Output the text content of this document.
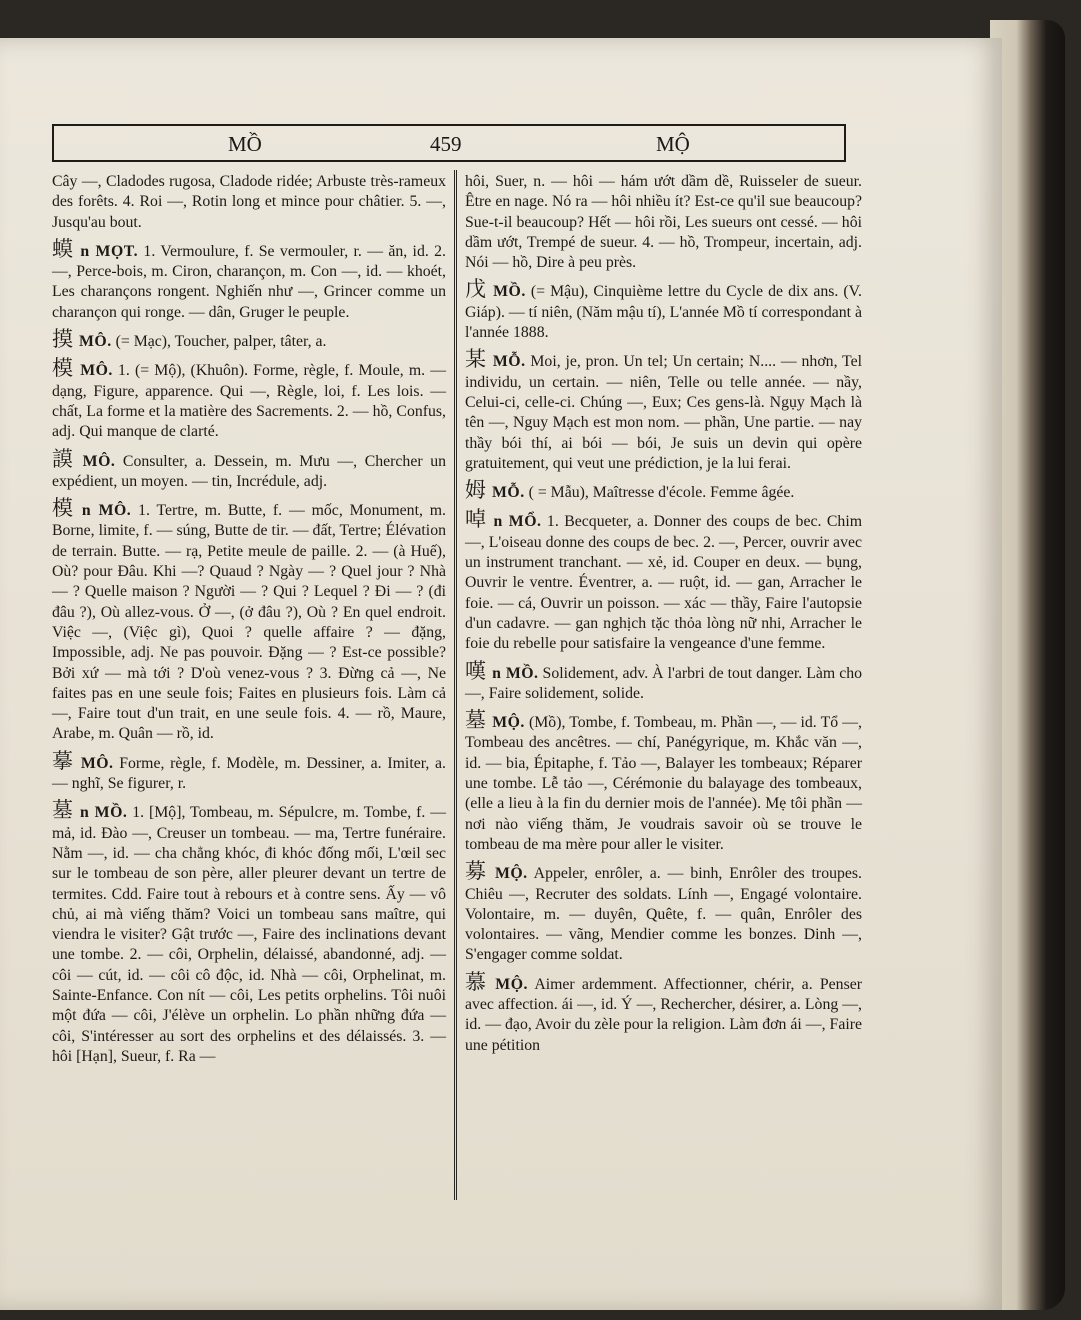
MỒ	459	MỘ

Cây —, Cladodes rugosa, Cladode ridée; Arbuste très-rameux des forêts. 4. Roi —, Rotin long et mince pour châtier. 5. —, Jusqu'au bout.

蟆 n MỌT. 1. Vermoulure, f. Se vermouler, r. — ăn, id. 2. —, Perce-bois, m. Ciron, charançon, m. Con —, id. — khoét, Les charançons rongent. Nghiến như —, Grincer comme un charançon qui ronge. — dân, Gruger le peuple.

摸 MÔ. (= Mạc), Toucher, palper, tâter, a.

模 MÔ. 1. (= Mộ), (Khuôn). Forme, règle, f. Moule, m. — dạng, Figure, apparence. Qui —, Règle, loi, f. Les lois. — chất, La forme et la matière des Sacrements. 2. — hồ, Confus, adj. Qui manque de clarté.

謨 MÔ. Consulter, a. Dessein, m. Mưu —, Chercher un expédient, un moyen. — tin, Incrédule, adj.

模 n MÔ. 1. Tertre, m. Butte, f. — mốc, Monument, m. Borne, limite, f. — súng, Butte de tir. — đất, Tertre; Élévation de terrain. Butte. — rạ, Petite meule de paille. 2. — (à Huế), Où? pour Đâu. Khi —? Quaud ? Ngày — ? Quel jour ? Nhà — ? Quelle maison ? Người — ? Qui ? Lequel ? Đi — ? (đi đâu ?), Où allez-vous. Ở —, (ở đâu ?), Où ? En quel endroit. Việc —, (Việc gì), Quoi ? quelle affaire ? — đặng, Impossible, adj. Ne pas pouvoir. Đặng — ? Est-ce possible? Bởi xứ — mà tới ? D'où venez-vous ? 3. Đừng cả —, Ne faites pas en une seule fois; Faites en plusieurs fois. Làm cả —, Faire tout d'un trait, en une seule fois. 4. — rồ, Maure, Arabe, m. Quân — rồ, id.

摹 MÔ. Forme, règle, f. Modèle, m. Dessiner, a. Imiter, a. — nghĩ, Se figurer, r.

墓 n MỒ. 1. [Mộ], Tombeau, m. Sépulcre, m. Tombe, f. — mả, id. Đào —, Creuser un tombeau. — ma, Tertre funéraire. Nằm —, id. — cha chẳng khóc, đi khóc đống mối, L'œil sec sur le tombeau de son père, aller pleurer devant un tertre de termites. Cdd. Faire tout à rebours et à contre sens. Ấy — vô chủ, ai mà viếng thăm? Voici un tombeau sans maître, qui viendra le visiter? Gật trước —, Faire des inclinations devant une tombe. 2. — côi, Orphelin, délaissé, abandonné, adj. — côi — cút, id. — côi cô độc, id. Nhà — côi, Orphelinat, m. Sainte-Enfance. Con nít — côi, Les petits orphelins. Tôi nuôi một đứa — côi, J'élève un orphelin. Lo phần những đứa — côi, S'intéresser au sort des orphelins et des délaissés. 3. — hôi [Hạn], Sueur, f. Ra —

hôi, Suer, n. — hôi — hám ướt dầm dề, Ruisseler de sueur. Être en nage. Nó ra — hôi nhiều ít? Est-ce qu'il sue beaucoup? Sue-t-il beaucoup? Hết — hôi rồi, Les sueurs ont cessé. — hôi dầm ướt, Trempé de sueur. 4. — hồ, Trompeur, incertain, adj. Nói — hồ, Dire à peu près.

戊 MỒ. (= Mậu), Cinquième lettre du Cycle de dix ans. (V. Giáp). — tí niên, (Năm mậu tí), L'année Mồ tí correspondant à l'année 1888.

某 MỖ. Moi, je, pron. Un tel; Un certain; N.... — nhơn, Tel individu, un certain. — niên, Telle ou telle année. — nầy, Celui-ci, celle-ci. Chúng —, Eux; Ces gens-là. Ngụy Mạch là tên —, Nguy Mạch est mon nom. — phần, Une partie. — nay thầy bói thí, ai bói — bói, Je suis un devin qui opère gratuitement, qui veut une prédiction, je la lui ferai.

姆 MỖ. ( = Mẫu), Maîtresse d'école. Femme âgée.

啅 n MỔ. 1. Becqueter, a. Donner des coups de bec. Chim —, L'oiseau donne des coups de bec. 2. —, Percer, ouvrir avec un instrument tranchant. — xẻ, id. Couper en deux. — bụng, Ouvrir le ventre. Éventrer, a. — ruột, id. — gan, Arracher le foie. — cá, Ouvrir un poisson. — xác — thầy, Faire l'autopsie d'un cadavre. — gan nghịch tặc thỏa lòng nữ nhi, Arracher le foie du rebelle pour satisfaire la vengeance d'une femme.

嘆 n MỒ. Solidement, adv. À l'arbri de tout danger. Làm cho —, Faire solidement, solide.

墓 MỘ. (Mồ), Tombe, f. Tombeau, m. Phần —, — id. Tổ —, Tombeau des ancêtres. — chí, Panégyrique, m. Khắc văn —, id. — bia, Épitaphe, f. Tảo —, Balayer les tombeaux; Réparer une tombe. Lễ tảo —, Cérémonie du balayage des tombeaux, (elle a lieu à la fin du dernier mois de l'année). Mẹ tôi phần — nơi nào viếng thăm, Je voudrais savoir où se trouve le tombeau de ma mère pour aller le visiter.

募 MỘ. Appeler, enrôler, a. — binh, Enrôler des troupes. Chiêu —, Recruter des soldats. Lính —, Engagé volontaire. Volontaire, m. — duyên, Quête, f. — quân, Enrôler des volontaires. — vãng, Mendier comme les bonzes. Dinh —, S'engager comme soldat.

慕 MỘ. Aimer ardemment. Affectionner, chérir, a. Penser avec affection. ái —, id. Ý —, Rechercher, désirer, a. Lòng —, id. — đạo, Avoir du zèle pour la religion. Làm đơn ái —, Faire une pétition
